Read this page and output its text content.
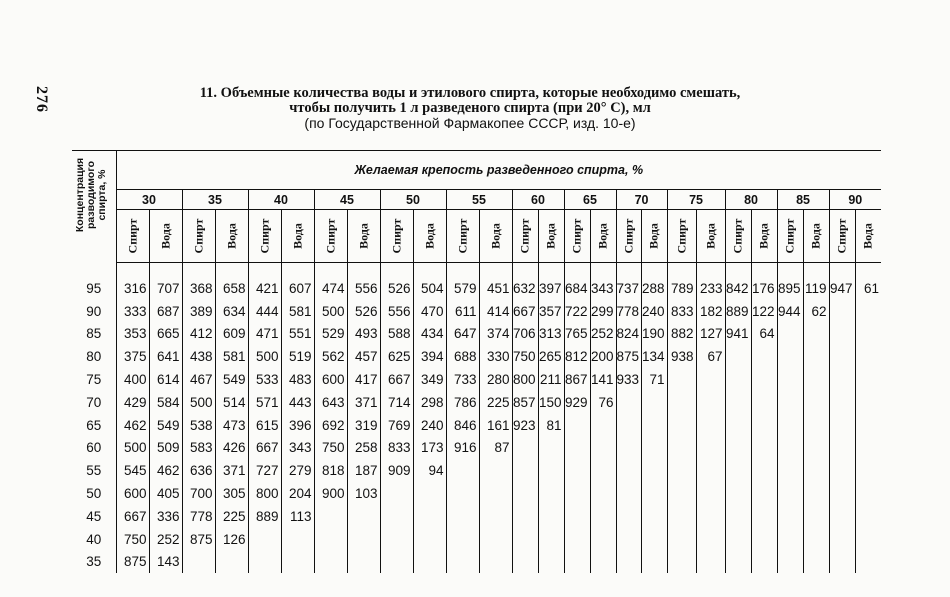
276	11. Объемные количества воды и этилового спирта, которые необходимо смешать,
чтобы получить 1 л разведеного спирта (при 20° С), мл
(по Государственной Фармакопее СССР, изд. 10-е)
Концентрация разводимого спирта, %	Желаемая крепость разведенного спирта, %																									
	30		35		40		45		50		55		60		65		70		75		80		85		90	

	Спирт	Вода	Спирт	Вода	Спирт	Вода	Спирт	Вода	Спирт	Вода	Спирт	Вода	Спирт	Вода	Спирт	Вода	Спирт	Вода	Спирт	Вода	Спирт	Вода	Спирт	Вода	Спирт	Вода

95	316	707	368	658	421	607	474	556	526	504	579	451	632	397	684	343	737	288	789	233	842	176	895	119	947	61
90	333	687	389	634	444	581	500	526	556	470	611	414	667	357	722	299	778	240	833	182	889	122	944	62		
85	353	665	412	609	471	551	529	493	588	434	647	374	706	313	765	252	824	190	882	127	941	64				
80	375	641	438	581	500	519	562	457	625	394	688	330	750	265	812	200	875	134	938	67						
75	400	614	467	549	533	483	600	417	667	349	733	280	800	211	867	141	933	71								
70	429	584	500	514	571	443	643	371	714	298	786	225	857	150	929	76										
65	462	549	538	473	615	396	692	319	769	240	846	161	923	81												
60	500	509	583	426	667	343	750	258	833	173	916	87														
55	545	462	636	371	727	279	818	187	909	94																
50	600	405	700	305	800	204	900	103																		
45	667	336	778	225	889	113																				
40	750	252	875	126																						
35	875	143																								
